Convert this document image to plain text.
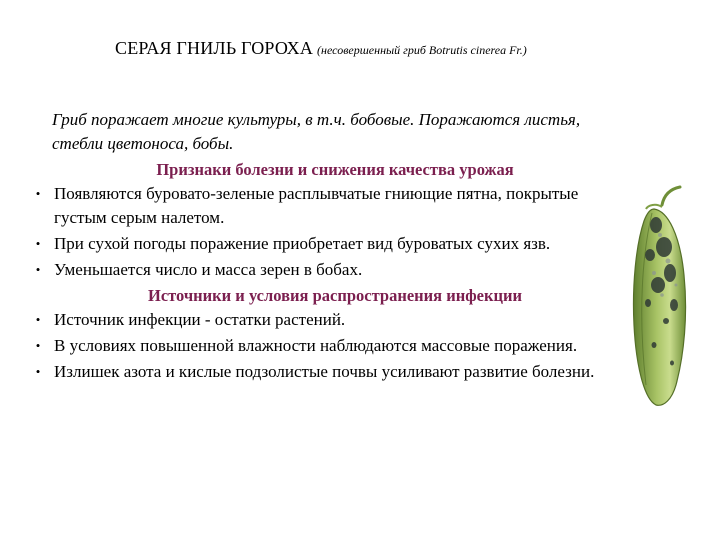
СЕРАЯ ГНИЛЬ ГОРОХА (несовершенный гриб Botrutis cinerea Fr.)

Гриб поражает многие культуры, в т.ч. бобовые. Поражаются листья, стебли цветоноса, бобы.

Признаки болезни и снижения качества урожая

• Появляются буровато-зеленые расплывчатые гниющие пятна, покрытые густым серым налетом.
• При сухой погоды поражение приобретает вид буроватых сухих язв.
• Уменьшается число и масса зерен в бобах.

Источники и условия распространения инфекции

• Источник инфекции - остатки растений.
• В условиях повышенной влажности наблюдаются массовые поражения.
• Излишек азота и кислые подзолистые почвы усиливают развитие болезни.
